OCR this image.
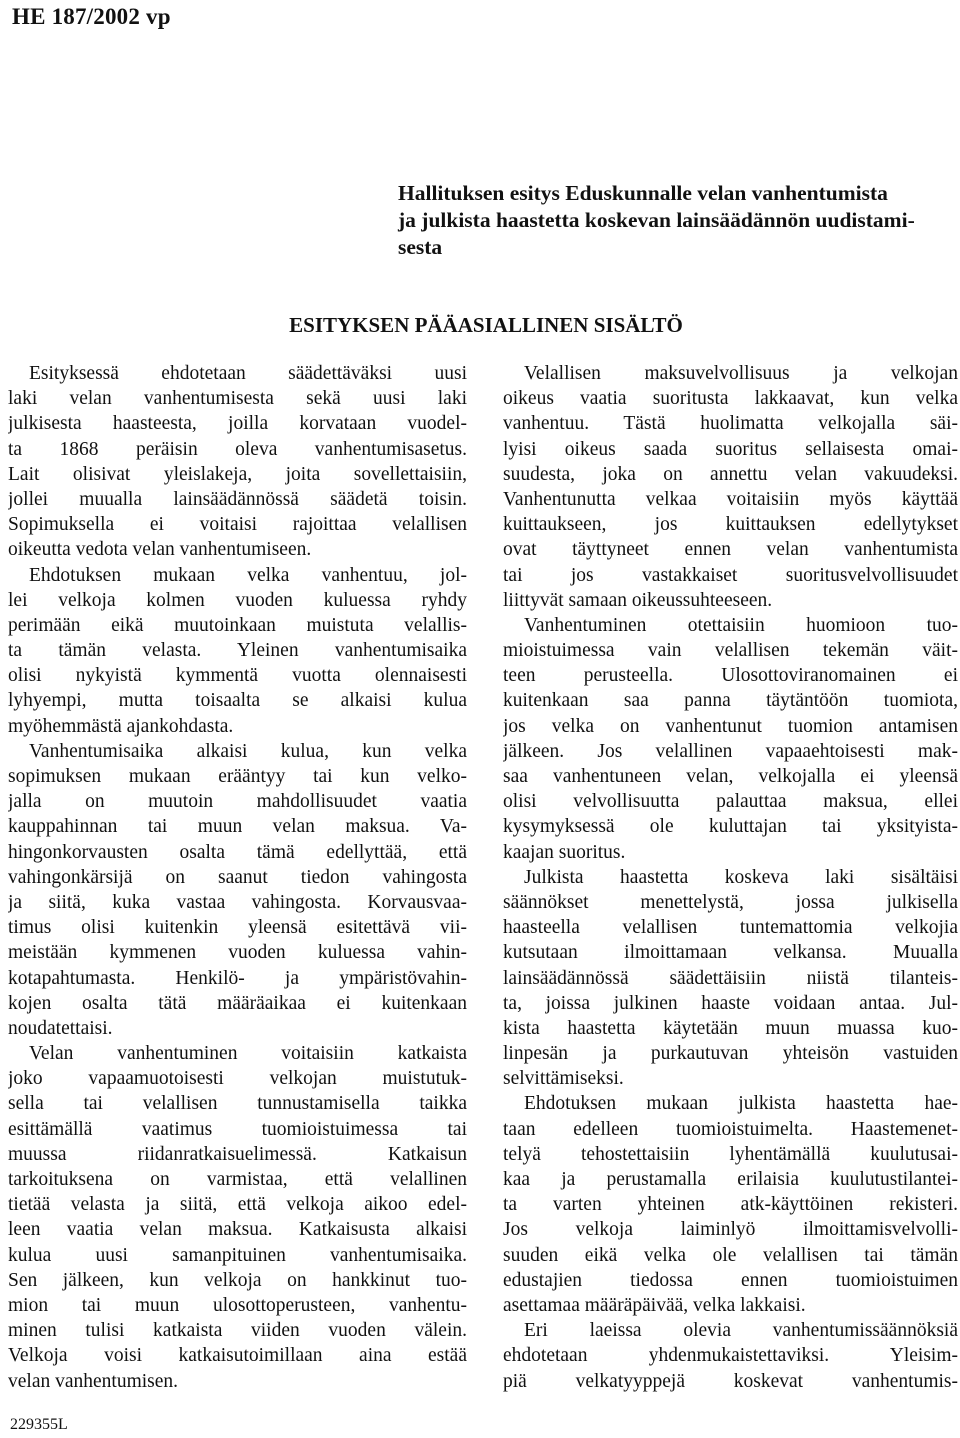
HE 187/2002 vp
Hallituksen esitys Eduskunnalle velan vanhentumista
ja julkista haastetta koskevan lainsäädännön uudistami-
sesta
ESITYKSEN PÄÄASIALLINEN SISÄLTÖ
Esityksessä ehdotetaan säädettäväksi uusi
laki velan vanhentumisesta sekä uusi laki
julkisesta haasteesta, joilla korvataan vuodel-
ta 1868 peräisin oleva vanhentumisasetus.
Lait olisivat yleislakeja, joita sovellettaisiin,
jollei muualla lainsäädännössä säädetä toisin.
Sopimuksella ei voitaisi rajoittaa velallisen
oikeutta vedota velan vanhentumiseen.
Ehdotuksen mukaan velka vanhentuu, jol-
lei velkoja kolmen vuoden kuluessa ryhdy
perimään eikä muutoinkaan muistuta velallis-
ta tämän velasta. Yleinen vanhentumisaika
olisi nykyistä kymmentä vuotta olennaisesti
lyhyempi, mutta toisaalta se alkaisi kulua
myöhemmästä ajankohdasta.
Vanhentumisaika alkaisi kulua, kun velka
sopimuksen mukaan erääntyy tai kun velko-
jalla on muutoin mahdollisuudet vaatia
kauppahinnan tai muun velan maksua. Va-
hingonkorvausten osalta tämä edellyttää, että
vahingonkärsijä on saanut tiedon vahingosta
ja siitä, kuka vastaa vahingosta. Korvausvaa-
timus olisi kuitenkin yleensä esitettävä vii-
meistään kymmenen vuoden kuluessa vahin-
kotapahtumasta. Henkilö- ja ympäristövahin-
kojen osalta tätä määräaikaa ei kuitenkaan
noudatettaisi.
Velan vanhentuminen voitaisiin katkaista
joko vapaamuotoisesti velkojan muistutuk-
sella tai velallisen tunnustamisella taikka
esittämällä vaatimus tuomioistuimessa tai
muussa riidanratkaisuelimessä. Katkaisun
tarkoituksena on varmistaa, että velallinen
tietää velasta ja siitä, että velkoja aikoo edel-
leen vaatia velan maksua. Katkaisusta alkaisi
kulua uusi samanpituinen vanhentumisaika.
Sen jälkeen, kun velkoja on hankkinut tuo-
mion tai muun ulosottoperusteen, vanhentu-
minen tulisi katkaista viiden vuoden välein.
Velkoja voisi katkaisutoimillaan aina estää
velan vanhentumisen.
Velallisen maksuvelvollisuus ja velkojan
oikeus vaatia suoritusta lakkaavat, kun velka
vanhentuu. Tästä huolimatta velkojalla säi-
lyisi oikeus saada suoritus sellaisesta omai-
suudesta, joka on annettu velan vakuudeksi.
Vanhentunutta velkaa voitaisiin myös käyttää
kuittaukseen, jos kuittauksen edellytykset
ovat täyttyneet ennen velan vanhentumista
tai jos vastakkaiset suoritusvelvollisuudet
liittyvät samaan oikeussuhteeseen.
Vanhentuminen otettaisiin huomioon tuo-
mioistuimessa vain velallisen tekemän väit-
teen perusteella. Ulosottoviranomainen ei
kuitenkaan saa panna täytäntöön tuomiota,
jos velka on vanhentunut tuomion antamisen
jälkeen. Jos velallinen vapaaehtoisesti mak-
saa vanhentuneen velan, velkojalla ei yleensä
olisi velvollisuutta palauttaa maksua, ellei
kysymyksessä ole kuluttajan tai yksityista-
kaajan suoritus.
Julkista haastetta koskeva laki sisältäisi
säännökset menettelystä, jossa julkisella
haasteella velallisen tuntemattomia velkojia
kutsutaan ilmoittamaan velkansa. Muualla
lainsäädännössä säädettäisiin niistä tilanteis-
ta, joissa julkinen haaste voidaan antaa. Jul-
kista haastetta käytetään muun muassa kuo-
linpesän ja purkautuvan yhteisön vastuiden
selvittämiseksi.
Ehdotuksen mukaan julkista haastetta hae-
taan edelleen tuomioistuimelta. Haastemenet-
telyä tehostettaisiin lyhentämällä kuulutusai-
kaa ja perustamalla erilaisia kuulutustilantei-
ta varten yhteinen atk-käyttöinen rekisteri.
Jos velkoja laiminlyö ilmoittamisvelvolli-
suuden eikä velka ole velallisen tai tämän
edustajien tiedossa ennen tuomioistuimen
asettamaa määräpäivää, velka lakkaisi.
Eri laeissa olevia vanhentumissäännöksiä
ehdotetaan yhdenmukaistettaviksi. Yleisim-
piä velkatyyppejä koskevat vanhentumis-
229355L
